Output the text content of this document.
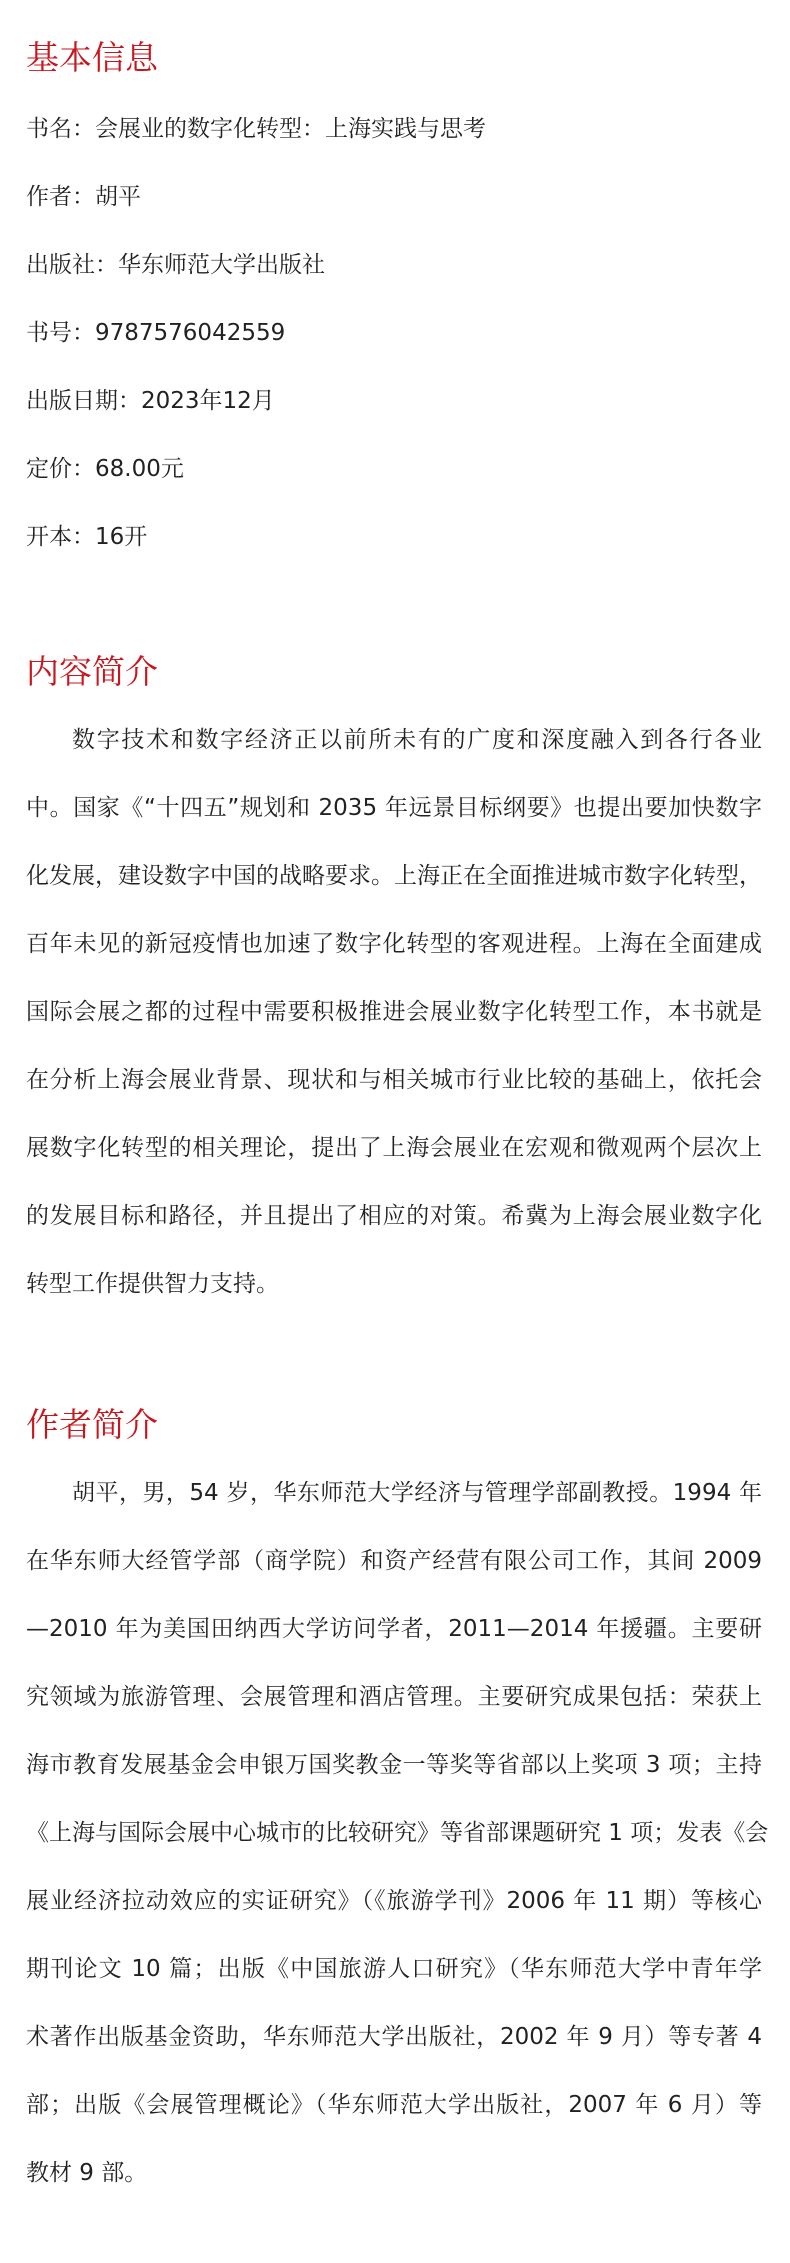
基本信息
书名：会展业的数字化转型：上海实践与思考
作者：胡平
出版社：华东师范大学出版社
书号：9787576042559
出版日期：2023年12月
定价：68.00元
开本：16开
内容简介
数字技术和数字经济正以前所未有的广度和深度融入到各行各业
中。国家《“十四五”规划和 2035 年远景目标纲要》也提出要加快数字
化发展，建设数字中国的战略要求。上海正在全面推进城市数字化转型，
百年未见的新冠疫情也加速了数字化转型的客观进程。上海在全面建成
国际会展之都的过程中需要积极推进会展业数字化转型工作，本书就是
在分析上海会展业背景、现状和与相关城市行业比较的基础上，依托会
展数字化转型的相关理论，提出了上海会展业在宏观和微观两个层次上
的发展目标和路径，并且提出了相应的对策。希冀为上海会展业数字化
转型工作提供智力支持。
作者简介
胡平，男，54 岁，华东师范大学经济与管理学部副教授。1994 年
在华东师大经管学部（商学院）和资产经营有限公司工作，其间 2009
—2010 年为美国田纳西大学访问学者，2011—2014 年援疆。主要研
究领域为旅游管理、会展管理和酒店管理。主要研究成果包括：荣获上
海市教育发展基金会申银万国奖教金一等奖等省部以上奖项 3 项；主持
《上海与国际会展中心城市的比较研究》等省部课题研究 1 项；发表《会
展业经济拉动效应的实证研究》（《旅游学刊》2006 年 11 期）等核心
期刊论文 10 篇；出版《中国旅游人口研究》（华东师范大学中青年学
术著作出版基金资助，华东师范大学出版社，2002 年 9 月）等专著 4
部；出版《会展管理概论》（华东师范大学出版社，2007 年 6 月）等
教材 9 部。
